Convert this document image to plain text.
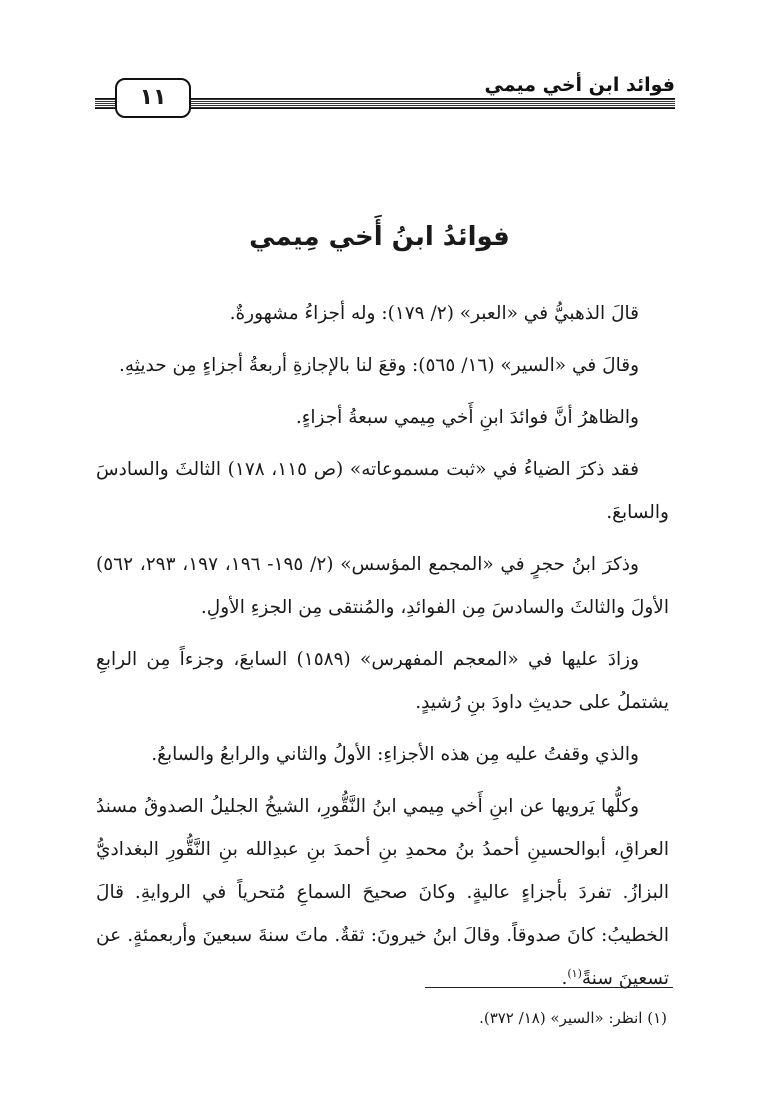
فوائد ابن أخي ميمي
١١
فوائدُ ابنُ أَخي مِيمي

قالَ الذهبيُّ في «العبر» (٢/ ١٧٩): وله أجزاءُ مشهورةٌ.

وقالَ في «السير» (١٦/ ٥٦٥): وقعَ لنا بالإجازةِ أربعةُ أجزاءٍ مِن حديثِهِ.

والظاهرُ أنَّ فوائدَ ابنِ أَخي مِيمي سبعةُ أجزاءٍ.

فقد ذكرَ الضياءُ في «ثبت مسموعاته» (ص ١١٥، ١٧٨) الثالثَ والسادسَ والسابعَ.

وذكرَ ابنُ حجرٍ في «المجمع المؤسس» (٢/ ١٩٥- ١٩٦، ١٩٧، ٢٩٣، ٥٦٢) الأولَ والثالثَ والسادسَ مِن الفوائدِ، والمُنتقى مِن الجزءِ الأولِ.

وزادَ عليها في «المعجم المفهرس» (١٥٨٩) السابعَ، وجزءاً مِن الرابعِ يشتملُ على حديثِ داودَ بنِ رُشيدٍ.

والذي وقفتُ عليه مِن هذه الأجزاءِ: الأولُ والثاني والرابعُ والسابعُ.

وكلُّها يَرويها عن ابنِ أَخي مِيمي ابنُ النَّقُّورِ، الشيخُ الجليلُ الصدوقُ مسندُ العراقِ، أبوالحسينِ أحمدُ بنُ محمدِ بنِ أحمدَ بنِ عبدِالله بنِ النَّقُّورِ البغداديُّ البزازُ. تفردَ بأجزاءٍ عاليةٍ. وكانَ صحيحَ السماعِ مُتحرياً في الروايةِ. قالَ الخطيبُ: كانَ صدوقاً. وقالَ ابنُ خيرونَ: ثقةٌ. ماتَ سنةَ سبعينَ وأربعمئةٍ. عن تسعينَ سنةً$^{(١)}$.

(١) انظر: «السير» (١٨/ ٣٧٢).
